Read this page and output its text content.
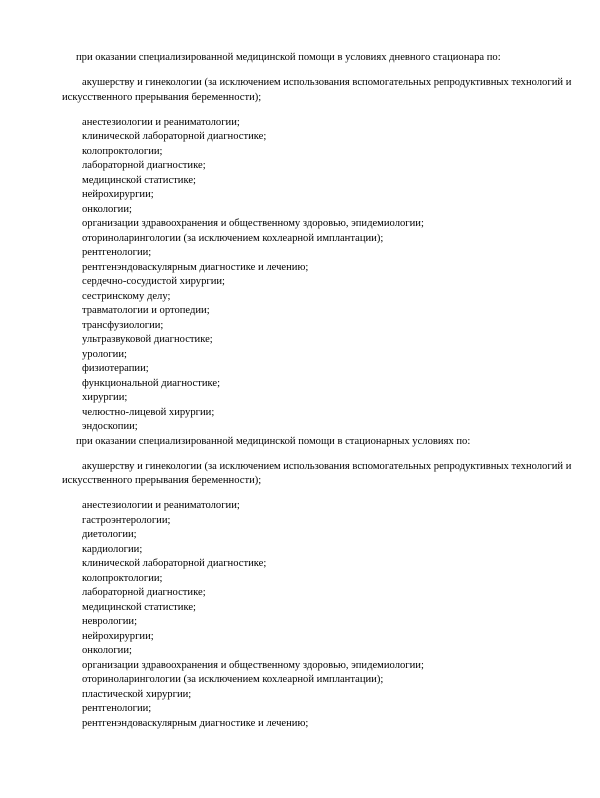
при оказании специализированной медицинской помощи в условиях дневного стационара по:

акушерству и гинекологии (за исключением использования вспомогательных репродуктивных технологий и искусственного прерывания беременности);

анестезиологии и реаниматологии;

клинической лабораторной диагностике;

колопроктологии;

лабораторной диагностике;

медицинской статистике;

нейрохирургии;

онкологии;

организации здравоохранения и общественному здоровью, эпидемиологии;

оториноларингологии (за исключением кохлеарной имплантации);

рентгенологии;

рентгенэндоваскулярным диагностике и лечению;

сердечно-сосудистой хирургии;

сестринскому делу;

травматологии и ортопедии;

трансфузиологии;

ультразвуковой диагностике;

урологии;

физиотерапии;

функциональной диагностике;

хирургии;

челюстно-лицевой хирургии;

эндоскопии;

при оказании специализированной медицинской помощи в стационарных условиях по:

акушерству и гинекологии (за исключением использования вспомогательных репродуктивных технологий и искусственного прерывания беременности);

анестезиологии и реаниматологии;

гастроэнтерологии;

диетологии;

кардиологии;

клинической лабораторной диагностике;

колопроктологии;

лабораторной диагностике;

медицинской статистике;

неврологии;

нейрохирургии;

онкологии;

организации здравоохранения и общественному здоровью, эпидемиологии;

оториноларингологии (за исключением кохлеарной имплантации);

пластической хирургии;

рентгенологии;

рентгенэндоваскулярным диагностике и лечению;
